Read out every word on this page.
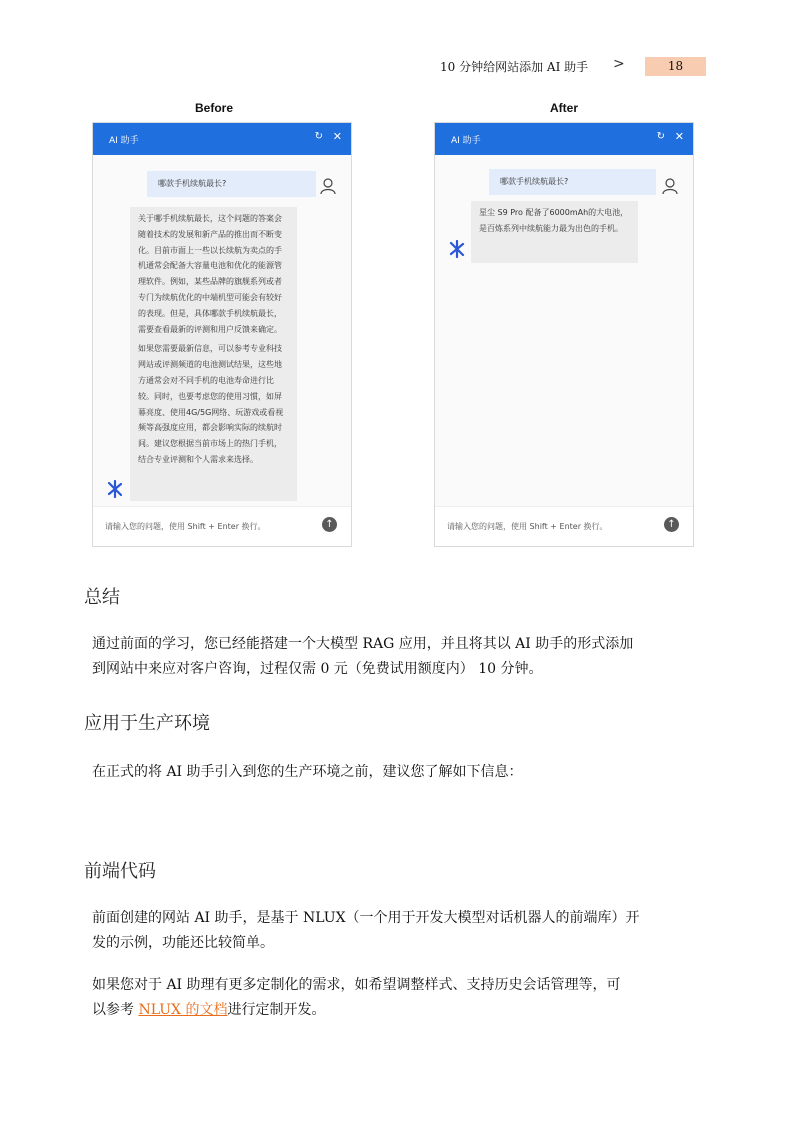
10 分钟给网站添加 AI 助手 >	18
Before	After
AI 助手	↻ ✕
哪款手机续航最长?

关于哪手机续航最长，这个问题的答案会随着技术的发展和新产品的推出而不断变化。目前市面上一些以长续航为卖点的手机通常会配备大容量电池和优化的能源管理软件。例如，某些品牌的旗舰系列或者专门为续航优化的中端机型可能会有较好的表现。但是，具体哪款手机续航最长，需要查看最新的评测和用户反馈来确定。

如果您需要最新信息，可以参考专业科技网站或评测频道的电池测试结果，这些地方通常会对不同手机的电池寿命进行比较。同时，也要考虑您的使用习惯，如屏幕亮度、使用4G/5G网络、玩游戏或看视频等高强度应用，都会影响实际的续航时间。建议您根据当前市场上的热门手机，结合专业评测和个人需求来选择。

请输入您的问题，使用 Shift + Enter 换行。	↑
AI 助手	↻ ✕
哪款手机续航最长?

星尘 S9 Pro 配备了6000mAh的大电池，是百炼系列中续航能力最为出色的手机。

请输入您的问题，使用 Shift + Enter 换行。	↑
总结
通过前面的学习，您已经能搭建一个大模型 RAG 应用，并且将其以 AI 助手的形式添加
到网站中来应对客户咨询，过程仅需 0 元（免费试用额度内） 10 分钟。
应用于生产环境
在正式的将 AI 助手引入到您的生产环境之前，建议您了解如下信息：
前端代码
前面创建的网站 AI 助手，是基于 NLUX（一个用于开发大模型对话机器人的前端库）开
发的示例，功能还比较简单。
如果您对于 AI 助理有更多定制化的需求，如希望调整样式、支持历史会话管理等，可
以参考 NLUX 的文档进行定制开发。
